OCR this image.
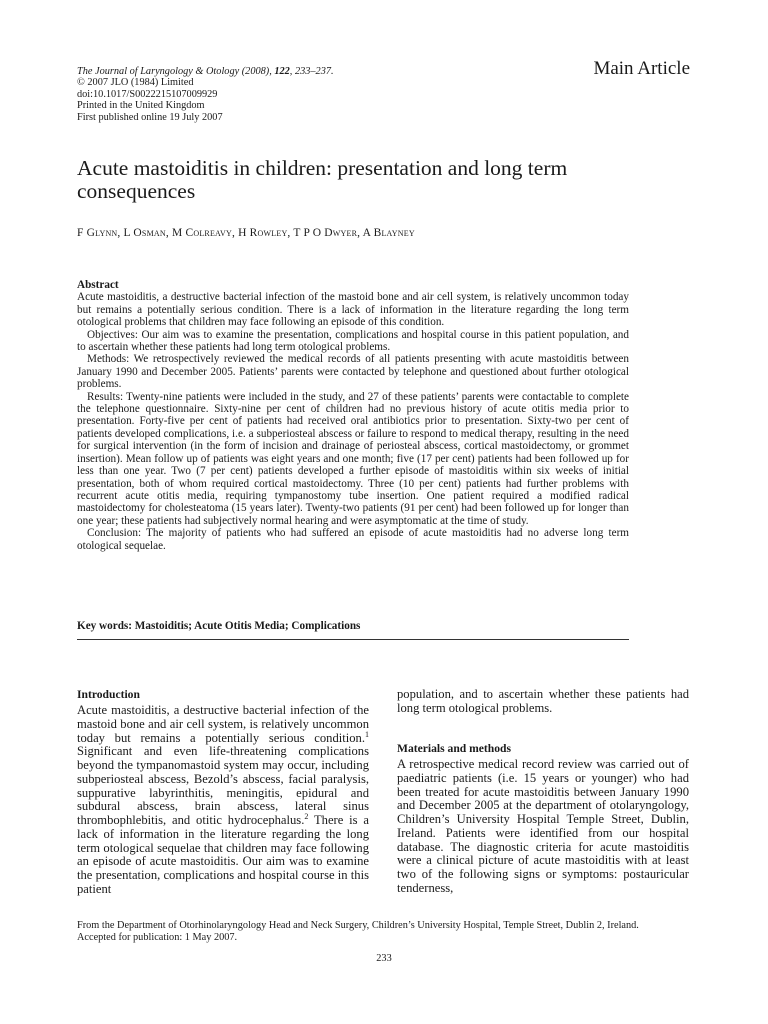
The Journal of Laryngology & Otology (2008), 122, 233–237.
© 2007 JLO (1984) Limited
doi:10.1017/S0022215107009929
Printed in the United Kingdom
First published online 19 July 2007
Main Article
Acute mastoiditis in children: presentation and long term consequences
F Glynn, L Osman, M Colreavy, H Rowley, T P O Dwyer, A Blayney
Abstract

Acute mastoiditis, a destructive bacterial infection of the mastoid bone and air cell system, is relatively uncommon today but remains a potentially serious condition. There is a lack of information in the literature regarding the long term otological problems that children may face following an episode of this condition.

Objectives: Our aim was to examine the presentation, complications and hospital course in this patient population, and to ascertain whether these patients had long term otological problems.

Methods: We retrospectively reviewed the medical records of all patients presenting with acute mastoiditis between January 1990 and December 2005. Patients’ parents were contacted by telephone and questioned about further otological problems.

Results: Twenty-nine patients were included in the study, and 27 of these patients’ parents were contactable to complete the telephone questionnaire. Sixty-nine per cent of children had no previous history of acute otitis media prior to presentation. Forty-five per cent of patients had received oral antibiotics prior to presentation. Sixty-two per cent of patients developed complications, i.e. a subperiosteal abscess or failure to respond to medical therapy, resulting in the need for surgical intervention (in the form of incision and drainage of periosteal abscess, cortical mastoidectomy, or grommet insertion). Mean follow up of patients was eight years and one month; five (17 per cent) patients had been followed up for less than one year. Two (7 per cent) patients developed a further episode of mastoiditis within six weeks of initial presentation, both of whom required cortical mastoidectomy. Three (10 per cent) patients had further problems with recurrent acute otitis media, requiring tympanostomy tube insertion. One patient required a modified radical mastoidectomy for cholesteatoma (15 years later). Twenty-two patients (91 per cent) had been followed up for longer than one year; these patients had subjectively normal hearing and were asymptomatic at the time of study.

Conclusion: The majority of patients who had suffered an episode of acute mastoiditis had no adverse long term otological sequelae.

Key words: Mastoiditis; Acute Otitis Media; Complications
Introduction

Acute mastoiditis, a destructive bacterial infection of the mastoid bone and air cell system, is relatively uncommon today but remains a potentially serious condition.$^1$ Significant and even life-threatening complications beyond the tympanomastoid system may occur, including subperiosteal abscess, Bezold’s abscess, facial paralysis, suppurative labyrinthitis, meningitis, epidural and subdural abscess, brain abscess, lateral sinus thrombophlebitis, and otitic hydrocephalus.$^2$ There is a lack of information in the literature regarding the long term otological sequelae that children may face following an episode of acute mastoiditis. Our aim was to examine the presentation, complications and hospital course in this patient

population, and to ascertain whether these patients had long term otological problems.

Materials and methods

A retrospective medical record review was carried out of paediatric patients (i.e. 15 years or younger) who had been treated for acute mastoiditis between January 1990 and December 2005 at the department of otolaryngology, Children’s University Hospital Temple Street, Dublin, Ireland. Patients were identified from our hospital database. The diagnostic criteria for acute mastoiditis were a clinical picture of acute mastoiditis with at least two of the following signs or symptoms: postauricular tenderness,

From the Department of Otorhinolaryngology Head and Neck Surgery, Children’s University Hospital, Temple Street, Dublin 2, Ireland.
Accepted for publication: 1 May 2007.
233
